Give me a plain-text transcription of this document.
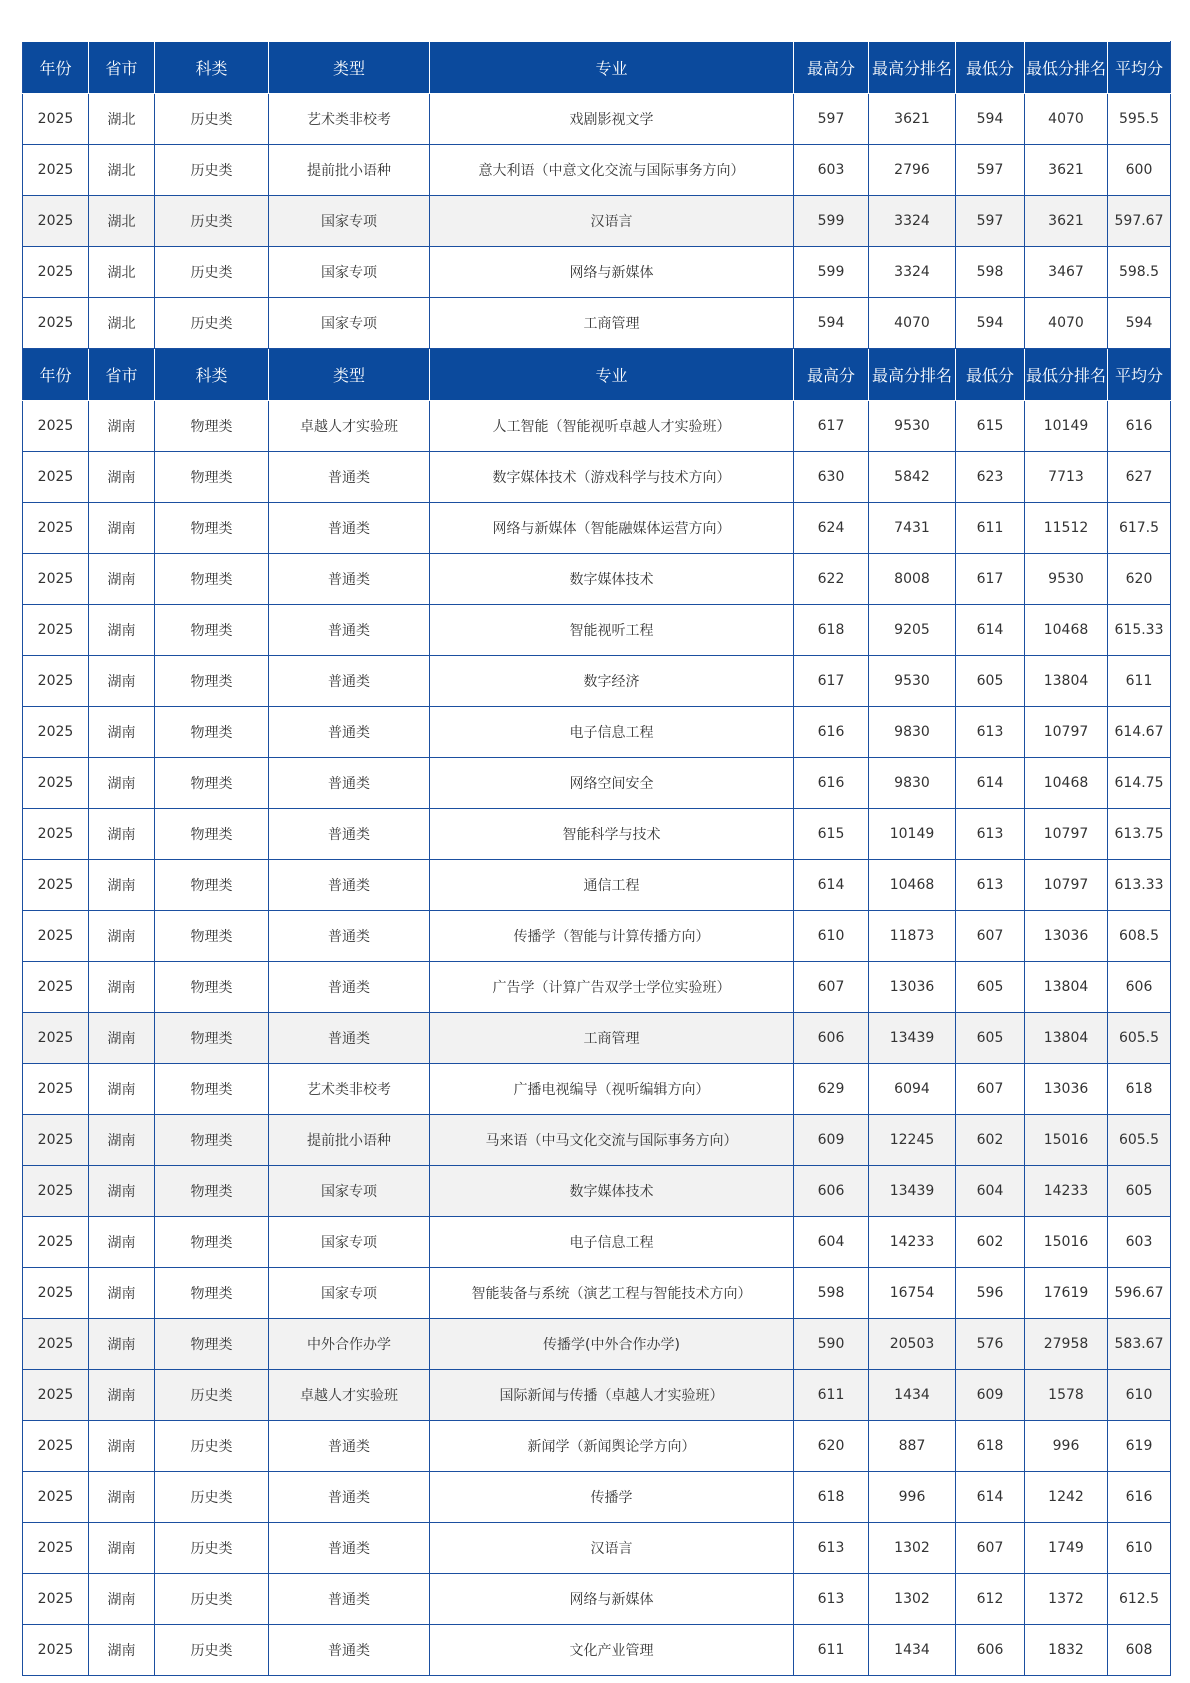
年份	省市	科类	类型	专业	最高分	最高分排名	最低分	最低分排名	平均分
2025	湖北	历史类	艺术类非校考	戏剧影视文学	597	3621	594	4070	595.5
2025	湖北	历史类	提前批小语种	意大利语（中意文化交流与国际事务方向）	603	2796	597	3621	600
2025	湖北	历史类	国家专项	汉语言	599	3324	597	3621	597.67
2025	湖北	历史类	国家专项	网络与新媒体	599	3324	598	3467	598.5
2025	湖北	历史类	国家专项	工商管理	594	4070	594	4070	594
年份	省市	科类	类型	专业	最高分	最高分排名	最低分	最低分排名	平均分
2025	湖南	物理类	卓越人才实验班	人工智能（智能视听卓越人才实验班）	617	9530	615	10149	616
2025	湖南	物理类	普通类	数字媒体技术（游戏科学与技术方向）	630	5842	623	7713	627
2025	湖南	物理类	普通类	网络与新媒体（智能融媒体运营方向）	624	7431	611	11512	617.5
2025	湖南	物理类	普通类	数字媒体技术	622	8008	617	9530	620
2025	湖南	物理类	普通类	智能视听工程	618	9205	614	10468	615.33
2025	湖南	物理类	普通类	数字经济	617	9530	605	13804	611
2025	湖南	物理类	普通类	电子信息工程	616	9830	613	10797	614.67
2025	湖南	物理类	普通类	网络空间安全	616	9830	614	10468	614.75
2025	湖南	物理类	普通类	智能科学与技术	615	10149	613	10797	613.75
2025	湖南	物理类	普通类	通信工程	614	10468	613	10797	613.33
2025	湖南	物理类	普通类	传播学（智能与计算传播方向）	610	11873	607	13036	608.5
2025	湖南	物理类	普通类	广告学（计算广告双学士学位实验班）	607	13036	605	13804	606
2025	湖南	物理类	普通类	工商管理	606	13439	605	13804	605.5
2025	湖南	物理类	艺术类非校考	广播电视编导（视听编辑方向）	629	6094	607	13036	618
2025	湖南	物理类	提前批小语种	马来语（中马文化交流与国际事务方向）	609	12245	602	15016	605.5
2025	湖南	物理类	国家专项	数字媒体技术	606	13439	604	14233	605
2025	湖南	物理类	国家专项	电子信息工程	604	14233	602	15016	603
2025	湖南	物理类	国家专项	智能装备与系统（演艺工程与智能技术方向）	598	16754	596	17619	596.67
2025	湖南	物理类	中外合作办学	传播学(中外合作办学)	590	20503	576	27958	583.67
2025	湖南	历史类	卓越人才实验班	国际新闻与传播（卓越人才实验班）	611	1434	609	1578	610
2025	湖南	历史类	普通类	新闻学（新闻舆论学方向）	620	887	618	996	619
2025	湖南	历史类	普通类	传播学	618	996	614	1242	616
2025	湖南	历史类	普通类	汉语言	613	1302	607	1749	610
2025	湖南	历史类	普通类	网络与新媒体	613	1302	612	1372	612.5
2025	湖南	历史类	普通类	文化产业管理	611	1434	606	1832	608
